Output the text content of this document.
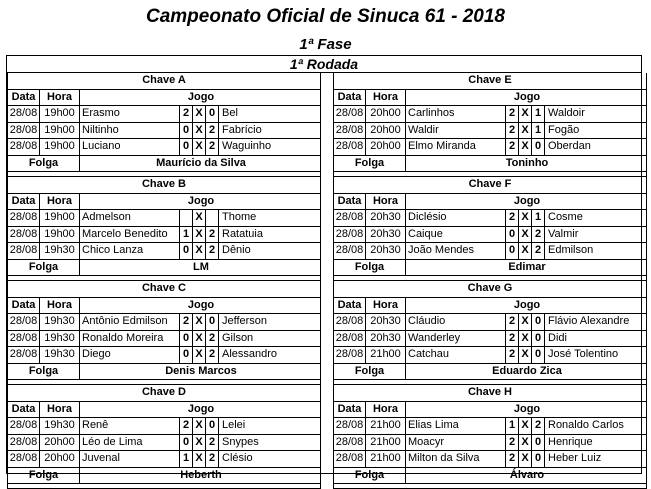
Campeonato Oficial de Sinuca 61 - 2018
1ª Fase
1ª Rodada
Chave A
Data	Hora	Jogo
28/08 19h00 Erasmo	2 X 0 Bel
28/08 19h00 Niltinho	0 X 2 Fabrício
28/08 19h00 Luciano	0 X 2 Waguinho
Folga	Maurício da Silva
Chave B
Data	Hora	Jogo
28/08 19h00 Admelson	X	Thome
28/08 19h00 Marcelo Benedito	1 X 2 Ratatuia
28/08 19h30 Chico Lanza	0 X 2 Dênio
Folga	LM
Chave C
Data	Hora	Jogo
28/08 19h30 Antônio Edmilson	2 X 0 Jefferson
28/08 19h30 Ronaldo Moreira	0 X 2 Gilson
28/08 19h30 Diego	0 X 2 Alessandro
Folga	Denis Marcos
Chave D
Data	Hora	Jogo
28/08 19h30 Renê	2 X 0 Lelei
28/08 20h00 Léo de Lima	0 X 2 Snypes
28/08 20h00 Juvenal	1 X 2 Clésio
Folga	Heberth
Chave E
Data	Hora	Jogo
28/08 20h00 Carlinhos	2 X 1 Waldoir
28/08 20h00 Waldir	2 X 1 Fogão
28/08 20h00 Elmo Miranda	2 X 0 Oberdan
Folga	Toninho
Chave F
Data	Hora	Jogo
28/08 20h30 Diclésio	2 X 1 Cosme
28/08 20h30 Caique	0 X 2 Valmir
28/08 20h30 João Mendes	0 X 2 Edmilson
Folga	Edimar
Chave G
Data	Hora	Jogo
28/08 20h30 Cláudio	2 X 0 Flávio Alexandre
28/08 20h30 Wanderley	2 X 0 Didi
28/08 21h00 Catchau	2 X 0 José Tolentino
Folga	Eduardo Zica
Chave H
Data	Hora	Jogo
28/08 21h00 Elias Lima	1 X 2 Ronaldo Carlos
28/08 21h00 Moacyr	2 X 0 Henrique
28/08 21h00 Milton da Silva	2 X 0 Heber Luiz
Folga	Álvaro
